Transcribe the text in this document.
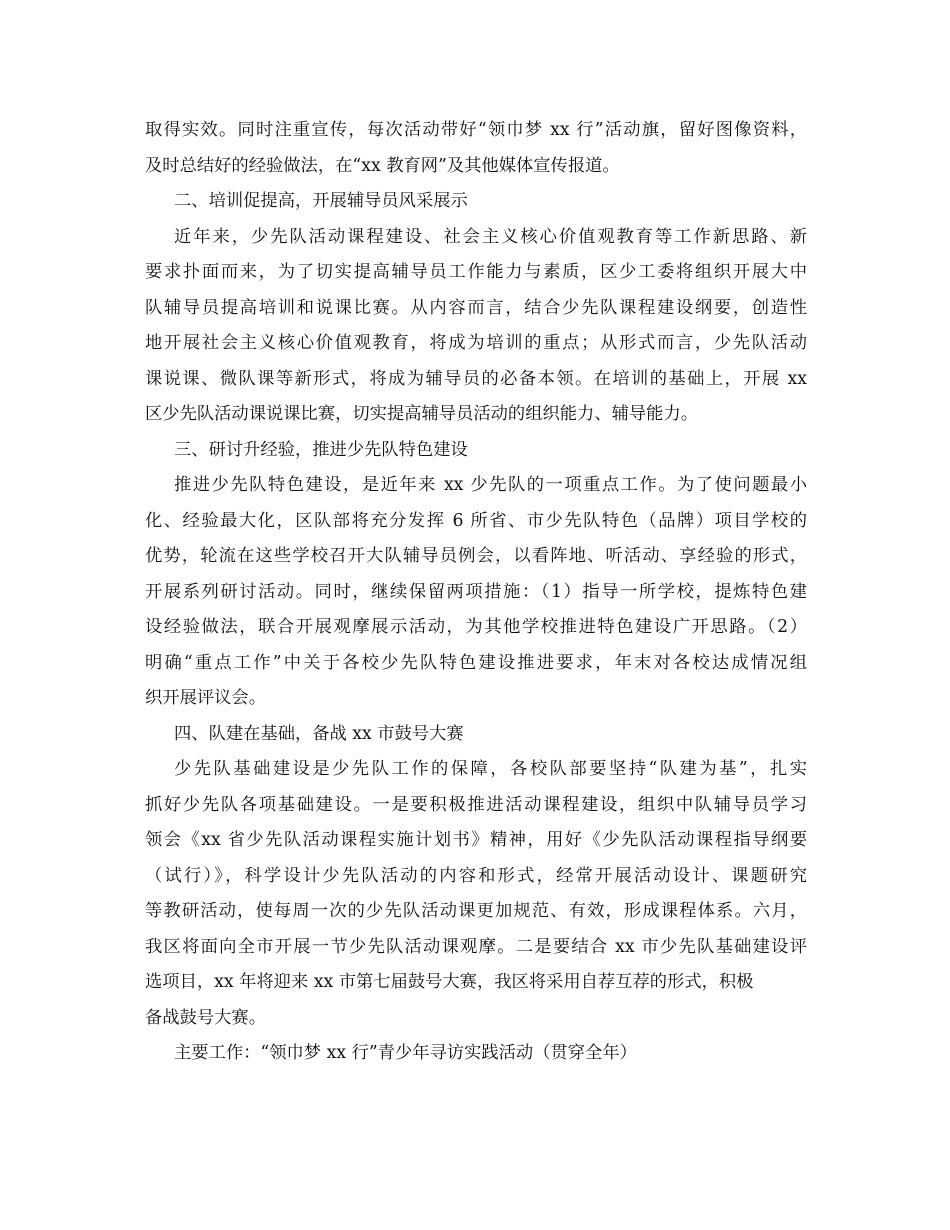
取得实效。同时注重宣传，每次活动带好“领巾梦 xx 行”活动旗，留好图像资料，
及时总结好的经验做法，在“xx 教育网”及其他媒体宣传报道。
二、培训促提高，开展辅导员风采展示
近年来，少先队活动课程建设、社会主义核心价值观教育等工作新思路、新
要求扑面而来，为了切实提高辅导员工作能力与素质，区少工委将组织开展大中
队辅导员提高培训和说课比赛。从内容而言，结合少先队课程建设纲要，创造性
地开展社会主义核心价值观教育，将成为培训的重点；从形式而言，少先队活动
课说课、微队课等新形式，将成为辅导员的必备本领。在培训的基础上，开展 xx
区少先队活动课说课比赛，切实提高辅导员活动的组织能力、辅导能力。
三、研讨升经验，推进少先队特色建设
推进少先队特色建设，是近年来 xx 少先队的一项重点工作。为了使问题最小
化、经验最大化，区队部将充分发挥 6 所省、市少先队特色（品牌）项目学校的
优势，轮流在这些学校召开大队辅导员例会，以看阵地、听活动、享经验的形式，
开展系列研讨活动。同时，继续保留两项措施：（1）指导一所学校，提炼特色建
设经验做法，联合开展观摩展示活动，为其他学校推进特色建设广开思路。（2）
明确“重点工作”中关于各校少先队特色建设推进要求，年末对各校达成情况组
织开展评议会。
四、队建在基础，备战 xx 市鼓号大赛
少先队基础建设是少先队工作的保障，各校队部要坚持“队建为基”，扎实
抓好少先队各项基础建设。一是要积极推进活动课程建设，组织中队辅导员学习
领会《xx 省少先队活动课程实施计划书》精神，用好《少先队活动课程指导纲要
（试行）》，科学设计少先队活动的内容和形式，经常开展活动设计、课题研究
等教研活动，使每周一次的少先队活动课更加规范、有效，形成课程体系。六月，
我区将面向全市开展一节少先队活动课观摩。二是要结合 xx 市少先队基础建设评
选项目，xx 年将迎来 xx 市第七届鼓号大赛，我区将采用自荐互荐的形式，积极
备战鼓号大赛。
主要工作：“领巾梦 xx 行”青少年寻访实践活动（贯穿全年）
